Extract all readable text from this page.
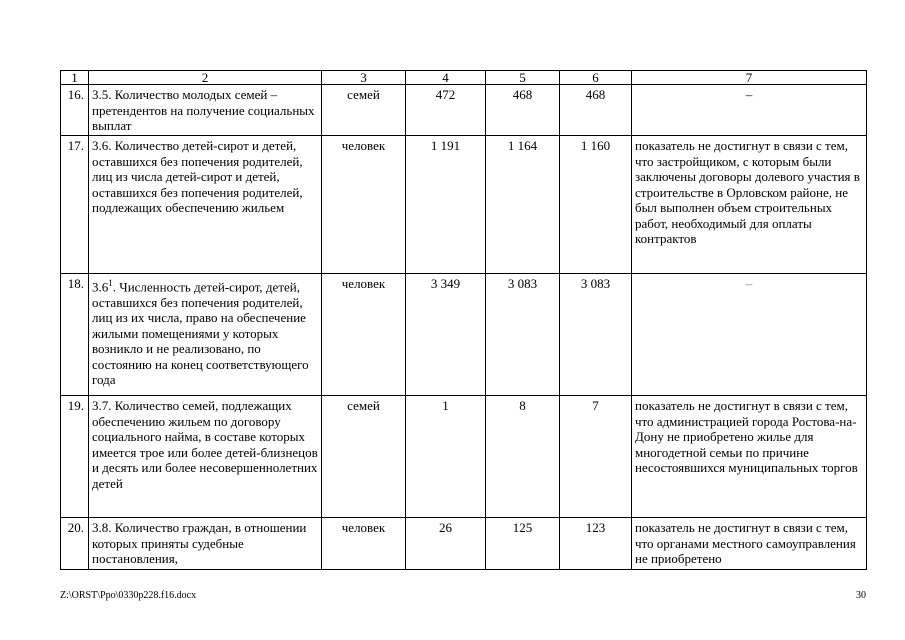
1	2	3	4	5	6	7
16.	3.5. Количество молодых семей – претендентов на получение социальных выплат	семей	472	468	468	–
17.	3.6. Количество детей-сирот и детей, оставшихся без попечения родителей, лиц из числа детей-сирот и детей, оставшихся без попечения родителей, подлежащих обеспечению жильем	человек	1 191	1 164	1 160	показатель не достигнут в связи с тем, что застройщиком, с которым были заключены договоры долевого участия в строительстве в Орловском районе, не был выполнен объем строительных работ, необходимый для оплаты контрактов
18.	$3.6^1$. Численность детей-сирот, детей, оставшихся без попечения родителей, лиц из их числа, право на обеспечение жилыми помещениями у которых возникло и не реализовано, по состоянию на конец соответствующего года	человек	3 349	3 083	3 083	–
19.	3.7. Количество семей, подлежащих обеспечению жильем по договору социального найма, в составе которых имеется трое или более детей-близнецов и десять или более несовершеннолетних детей	семей	1	8	7	показатель не достигнут в связи с тем, что администрацией города Ростова-на-Дону не приобретено жилье для многодетной семьи по причине несостоявшихся муниципальных торгов
20.	3.8. Количество граждан, в отношении которых приняты судебные постановления,	человек	26	125	123	показатель не достигнут в связи с тем, что органами местного самоуправления не приобретено
Z:\ORST\Ppo\0330p228.f16.docx	30
